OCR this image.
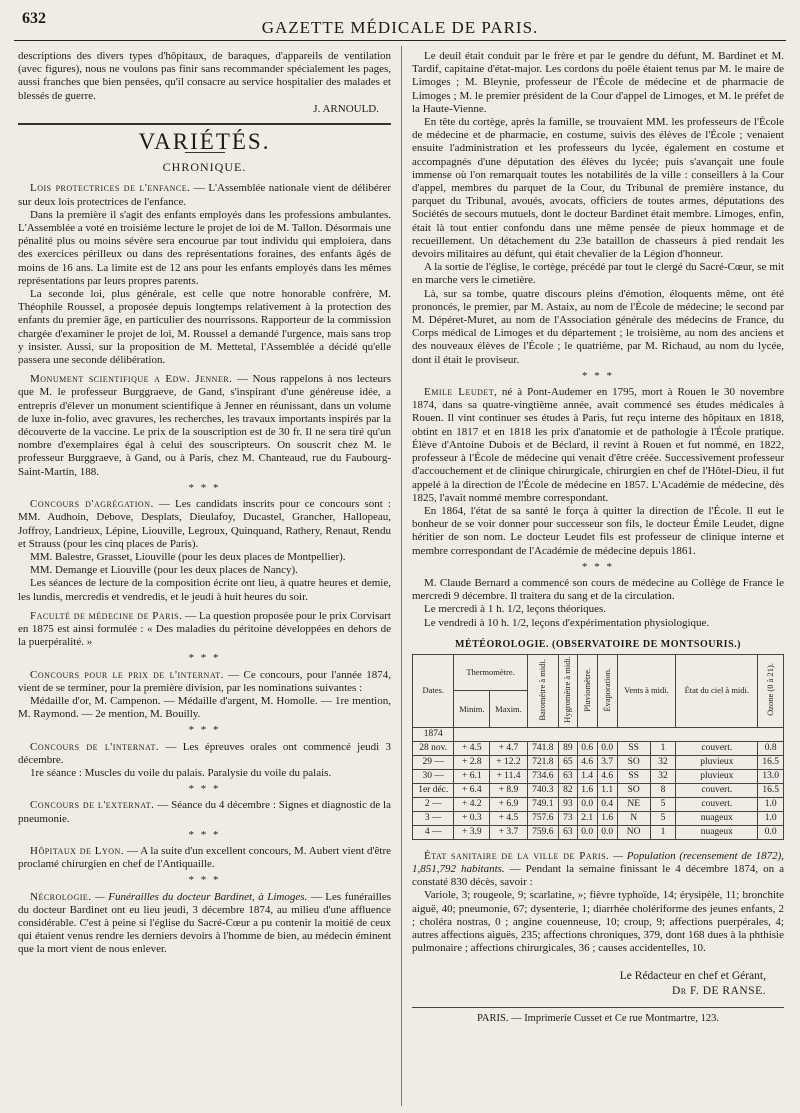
632	GAZETTE MÉDICALE DE PARIS.

descriptions des divers types d'hôpitaux, de baraques, d'appareils de ventilation (avec figures), nous ne voulons pas finir sans recommander spécialement les pages, aussi franches que bien pensées, qu'il consacre au service hospitalier des malades et blessés de guerre.

J. ARNOULD.

VARIÉTÉS.
CHRONIQUE.

Lois protectrices de l'enfance. — L'Assemblée nationale vient de délibérer sur deux lois protectrices de l'enfance.

Dans la première il s'agit des enfants employés dans les professions ambulantes. L'Assemblée a voté en troisième lecture le projet de loi de M. Tallon. Désormais une pénalité plus ou moins sévère sera encourue par tout individu qui emploiera, dans des exercices périlleux ou dans des représentations foraines, des enfants âgés de moins de 16 ans. La limite est de 12 ans pour les enfants employés dans les mêmes représentations par leurs propres parents.

La seconde loi, plus générale, est celle que notre honorable confrère, M. Théophile Roussel, a proposée depuis longtemps relativement à la protection des enfants du premier âge, en particulier des nourrissons. Rapporteur de la commission chargée d'examiner le projet de loi, M. Roussel a demandé l'urgence, mais sans trop y insister. Aussi, sur la proposition de M. Mettetal, l'Assemblée a décidé qu'elle passera une seconde délibération.

Monument scientifique a Edw. Jenner. — Nous rappelons à nos lecteurs que M. le professeur Burggraeve, de Gand, s'inspirant d'une généreuse idée, a entrepris d'élever un monument scientifique à Jenner en réunissant, dans un volume de luxe in-folio, avec gravures, les recherches, les travaux importants inspirés par la découverte de la vaccine. Le prix de la souscription est de 30 fr. Il ne sera tiré qu'un nombre d'exemplaires égal à celui des souscripteurs. On souscrit chez M. le professeur Burggraeve, à Gand, ou à Paris, chez M. Chanteaud, rue du Faubourg-Saint-Martin, 188.

* * *

Concours d'agrégation. — Les candidats inscrits pour ce concours sont : MM. Audhoin, Debove, Desplats, Dieulafoy, Ducastel, Grancher, Hallopeau, Joffroy, Landrieux, Lépine, Liouville, Legroux, Quinquand, Rathery, Renaut, Rendu et Strauss (pour les cinq places de Paris).

MM. Balestre, Grasset, Liouville (pour les deux places de Montpellier).

MM. Demange et Liouville (pour les deux places de Nancy).

Les séances de lecture de la composition écrite ont lieu, à quatre heures et demie, les lundis, mercredis et vendredis, et le jeudi à huit heures du soir.

Faculté de médecine de Paris. — La question proposée pour le prix Corvisart en 1875 est ainsi formulée : « Des maladies du péritoine développées en dehors de la puerpéralité. »

* * *

Concours pour le prix de l'internat. — Ce concours, pour l'année 1874, vient de se terminer, pour la première division, par les nominations suivantes :

Médaille d'or, M. Campenon. — Médaille d'argent, M. Homolle. — 1re mention, M. Raymond. — 2e mention, M. Bouilly.

* * *

Concours de l'internat. — Les épreuves orales ont commencé jeudi 3 décembre.

1re séance : Muscles du voile du palais. Paralysie du voile du palais.

* * *

Concours de l'externat. — Séance du 4 décembre : Signes et diagnostic de la pneumonie.

* * *

Hôpitaux de Lyon. — A la suite d'un excellent concours, M. Aubert vient d'être proclamé chirurgien en chef de l'Antiquaille.

* * *

Nécrologie. — Funérailles du docteur Bardinet, à Limoges. — Les funérailles du docteur Bardinet ont eu lieu jeudi, 3 décembre 1874, au milieu d'une affluence considérable. C'est à peine si l'église du Sacré-Cœur a pu contenir la moitié de ceux qui étaient venus rendre les derniers devoirs à l'homme de bien, au médecin éminent que la mort vient de nous enlever.

Le deuil était conduit par le frère et par le gendre du défunt, M. Bardinet et M. Tardif, capitaine d'état-major. Les cordons du poêle étaient tenus par M. le maire de Limoges ; M. Bleynie, professeur de l'École de médecine et de pharmacie de Limoges ; M. le premier président de la Cour d'appel de Limoges, et M. le préfet de la Haute-Vienne.

En tête du cortège, après la famille, se trouvaient MM. les professeurs de l'École de médecine et de pharmacie, en costume, suivis des élèves de l'École ; venaient ensuite l'administration et les professeurs du lycée, également en costume et accompagnés d'une députation des élèves du lycée; puis s'avançait une foule immense où l'on remarquait toutes les notabilités de la ville : conseillers à la Cour d'appel, membres du parquet de la Cour, du Tribunal de première instance, du parquet du Tribunal, avoués, avocats, officiers de toutes armes, députations des Sociétés de secours mutuels, dont le docteur Bardinet était membre. Limoges, enfin, était là tout entier confondu dans une même pensée de pieux hommage et de recueillement. Un détachement du 23e bataillon de chasseurs à pied rendait les devoirs militaires au défunt, qui était chevalier de la Légion d'honneur.

A la sortie de l'église, le cortège, précédé par tout le clergé du Sacré-Cœur, se mit en marche vers le cimetière.

Là, sur sa tombe, quatre discours pleins d'émotion, éloquents même, ont été prononcés, le premier, par M. Astaix, au nom de l'École de médecine; le second par M. Dépéret-Muret, au nom de l'Association générale des médecins de France, du Corps médical de Limoges et du département ; le troisième, au nom des anciens et des nouveaux élèves de l'École ; le quatrième, par M. Richaud, au nom du lycée, dont il était le proviseur.

* * *

Emile Leudet, né à Pont-Audemer en 1795, mort à Rouen le 30 novembre 1874, dans sa quatre-vingtième année, avait commencé ses études médicales à Rouen. Il vint continuer ses études à Paris, fut reçu interne des hôpitaux en 1818, obtint en 1817 et en 1818 les prix d'anatomie et de pathologie à l'École pratique. Élève d'Antoine Dubois et de Béclard, il revint à Rouen et fut nommé, en 1822, professeur à l'École de médecine qui venait d'être créée. Successivement professeur d'accouchement et de clinique chirurgicale, chirurgien en chef de l'Hôtel-Dieu, il fut appelé à la direction de l'École de médecine en 1857. L'Académie de médecine, dès 1825, l'avait nommé membre correspondant.

En 1864, l'état de sa santé le força à quitter la direction de l'École. Il eut le bonheur de se voir donner pour successeur son fils, le docteur Émile Leudet, digne héritier de son nom. Le docteur Leudet fils est professeur de clinique interne et membre correspondant de l'Académie de médecine depuis 1861.

* * *

M. Claude Bernard a commencé son cours de médecine au Collège de France le mercredi 9 décembre. Il traitera du sang et de la circulation.

Le mercredi à 1 h. 1/2, leçons théoriques.

Le vendredi à 10 h. 1/2, leçons d'expérimentation physiologique.

MÉTÉOROLOGIE. (OBSERVATOIRE DE MONTSOURIS.)
Dates.	Thermomètre.		Baromètre à midi.	Hygromètre à midi.	Pluviomètre.	Évaporation.	Vents à midi.		État du ciel à midi.	Ozone (0 à 21).
	Minim.	Maxim.								
1874										
28 nov.	+ 4.5	+ 4.7	741.8	89	0.6	0.0	SS	1	couvert.	0.8
29 —	+ 2.8	+ 12.2	721.8	65	4.6	3.7	SO	32	pluvieux	16.5
30 —	+ 6.1	+ 11.4	734.6	63	1.4	4.6	SS	32	pluvieux	13.0
1er déc.	+ 6.4	+ 8.9	740.3	82	1.6	1.1	SO	8	couvert.	16.5
2 —	+ 4.2	+ 6.9	749.1	93	0.0	0.4	NE	5	couvert.	1.0
3 —	+ 0.3	+ 4.5	757.6	73	2.1	1.6	N	5	nuageux	1.0
4 —	+ 3.9	+ 3.7	759.6	63	0.0	0.0	NO	1	nuageux	0.0

État sanitaire de la ville de Paris. — Population (recensement de 1872), 1,851,792 habitants. — Pendant la semaine finissant le 4 décembre 1874, on a constaté 830 décès, savoir :

Variole, 3; rougeole, 9; scarlatine, »; fièvre typhoïde, 14; érysipèle, 11; bronchite aiguë, 40; pneumonie, 67; dysenterie, 1; diarrhée cholériforme des jeunes enfants, 2 ; choléra nostras, 0 ; angine couenneuse, 10; croup, 9; affections puerpérales, 4; autres affections aiguës, 235; affections chroniques, 379, dont 168 dues à la phthisie pulmonaire ; affections chirurgicales, 36 ; causes accidentelles, 10.

Le Rédacteur en chef et Gérant,
Dr F. DE RANSE.
PARIS. — Imprimerie Cusset et Ce rue Montmartre, 123.
